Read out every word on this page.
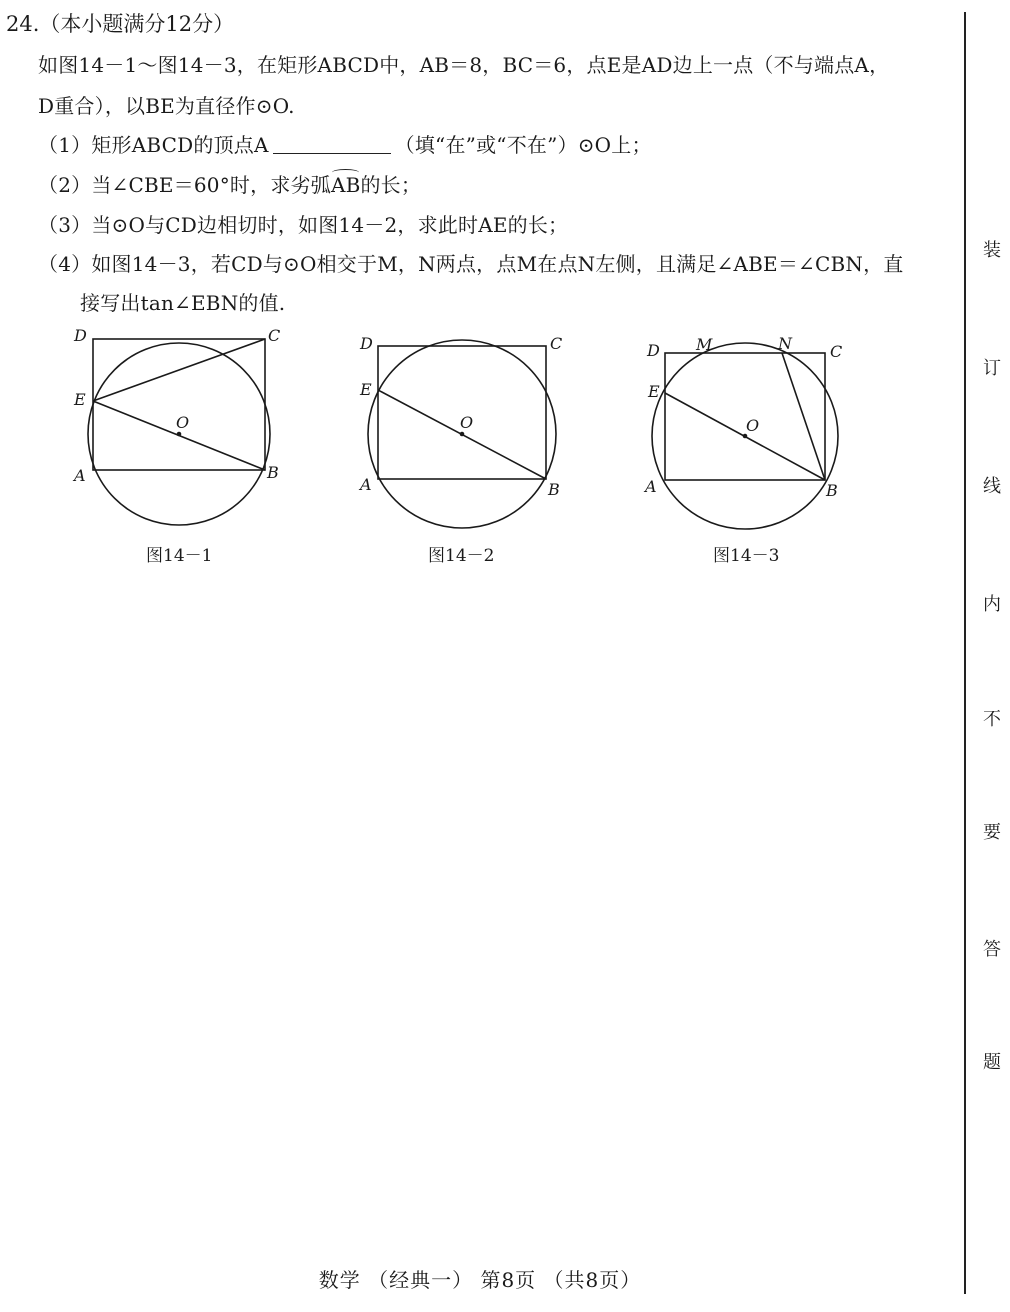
24.（本小题满分12分）
如图14－1～图14－3，在矩形ABCD中，AB＝8，BC＝6，点E是AD边上一点（不与端点A，
D重合），以BE为直径作⊙O.
（1）矩形ABCD的顶点A	（填“在”或“不在”）⊙O上；
（2）当∠CBE＝60°时，求劣弧AB的长；
（3）当⊙O与CD边相切时，如图14－2，求此时AE的长；
（4）如图14－3，若CD与⊙O相交于M，N两点，点M在点N左侧，且满足∠ABE＝∠CBN，直
接写出tan∠EBN的值.
D	C
E
O
A	B
D	C
E
O
A	B
D M	N C
E
O
A	B
图14－1	图14－2	图14－3
装
订
线
内
不
要
答
题
数学 （经典一） 第8页 （共8页）
